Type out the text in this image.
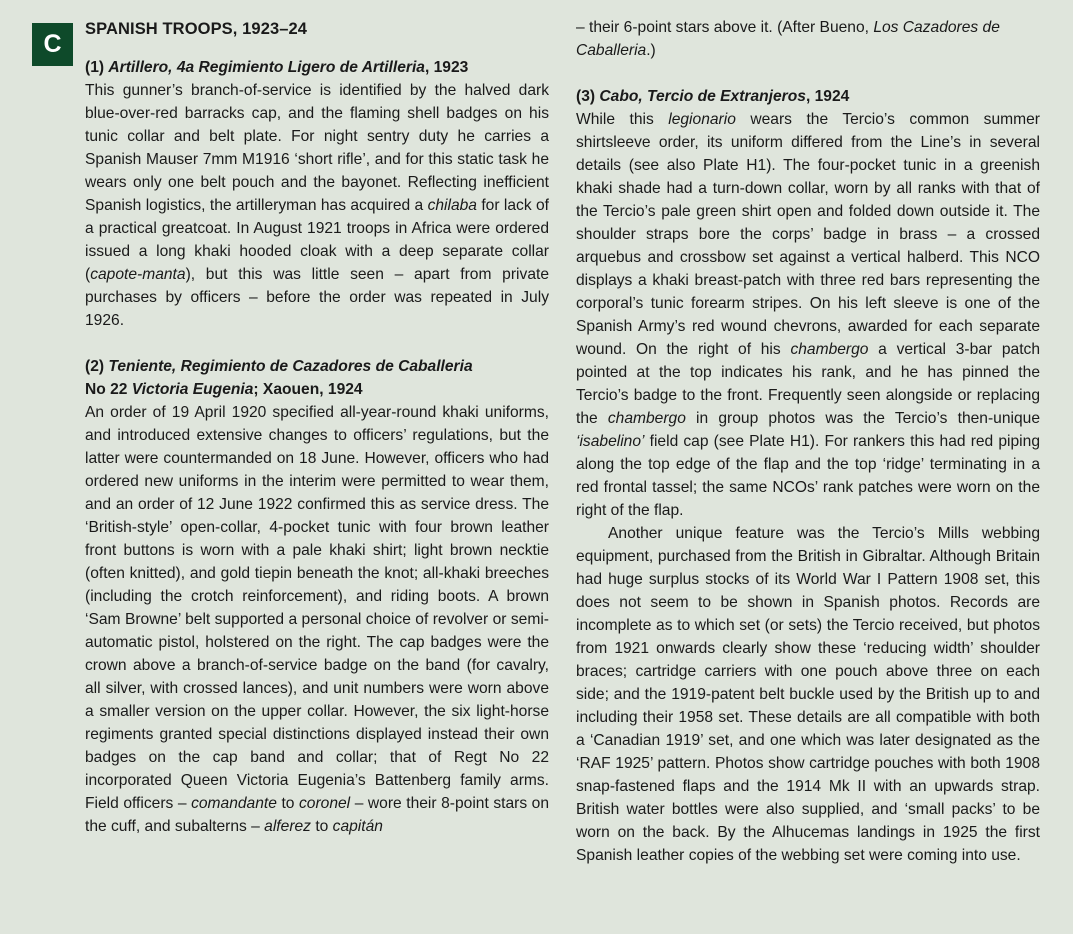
C
SPANISH TROOPS, 1923–24
(1) Artillero, 4a Regimiento Ligero de Artilleria, 1923

This gunner’s branch-of-service is identified by the halved dark blue-over-red barracks cap, and the flaming shell badges on his tunic collar and belt plate. For night sentry duty he carries a Spanish Mauser 7mm M1916 ‘short rifle’, and for this static task he wears only one belt pouch and the bayonet. Reflecting inefficient Spanish logistics, the artilleryman has acquired a chilaba for lack of a practical greatcoat. In August 1921 troops in Africa were ordered issued a long khaki hooded cloak with a deep separate collar (capote-manta), but this was little seen – apart from private purchases by officers – before the order was repeated in July 1926.

(2) Teniente, Regimiento de Cazadores de Caballeria
No 22 Victoria Eugenia; Xaouen, 1924

An order of 19 April 1920 specified all-year-round khaki uniforms, and introduced extensive changes to officers’ regulations, but the latter were countermanded on 18 June. However, officers who had ordered new uniforms in the interim were permitted to wear them, and an order of 12 June 1922 confirmed this as service dress. The ‘British-style’ open-collar, 4-pocket tunic with four brown leather front buttons is worn with a pale khaki shirt; light brown necktie (often knitted), and gold tiepin beneath the knot; all-khaki breeches (including the crotch reinforcement), and riding boots. A brown ‘Sam Browne’ belt supported a personal choice of revolver or semi-automatic pistol, holstered on the right. The cap badges were the crown above a branch-of-service badge on the band (for cavalry, all silver, with crossed lances), and unit numbers were worn above a smaller version on the upper collar. However, the six light-horse regiments granted special distinctions displayed instead their own badges on the cap band and collar; that of Regt No 22 incorporated Queen Victoria Eugenia’s Battenberg family arms. Field officers – comandante to coronel – wore their 8-point stars on the cuff, and subalterns – alferez to capitán

– their 6-point stars above it. (After Bueno, Los Cazadores de Caballeria.)

(3) Cabo, Tercio de Extranjeros, 1924

While this legionario wears the Tercio’s common summer shirtsleeve order, its uniform differed from the Line’s in several details (see also Plate H1). The four-pocket tunic in a greenish khaki shade had a turn-down collar, worn by all ranks with that of the Tercio’s pale green shirt open and folded down outside it. The shoulder straps bore the corps’ badge in brass – a crossed arquebus and crossbow set against a vertical halberd. This NCO displays a khaki breast-patch with three red bars representing the corporal’s tunic forearm stripes. On his left sleeve is one of the Spanish Army’s red wound chevrons, awarded for each separate wound. On the right of his chambergo a vertical 3-bar patch pointed at the top indicates his rank, and he has pinned the Tercio’s badge to the front. Frequently seen alongside or replacing the chambergo in group photos was the Tercio’s then-unique ‘isabelino’ field cap (see Plate H1). For rankers this had red piping along the top edge of the flap and the top ‘ridge’ terminating in a red frontal tassel; the same NCOs’ rank patches were worn on the right of the flap.

Another unique feature was the Tercio’s Mills webbing equipment, purchased from the British in Gibraltar. Although Britain had huge surplus stocks of its World War I Pattern 1908 set, this does not seem to be shown in Spanish photos. Records are incomplete as to which set (or sets) the Tercio received, but photos from 1921 onwards clearly show these ‘reducing width’ shoulder braces; cartridge carriers with one pouch above three on each side; and the 1919-patent belt buckle used by the British up to and including their 1958 set. These details are all compatible with both a ‘Canadian 1919’ set, and one which was later designated as the ‘RAF 1925’ pattern. Photos show cartridge pouches with both 1908 snap-fastened flaps and the 1914 Mk II with an upwards strap. British water bottles were also supplied, and ‘small packs’ to be worn on the back. By the Alhucemas landings in 1925 the first Spanish leather copies of the webbing set were coming into use.
